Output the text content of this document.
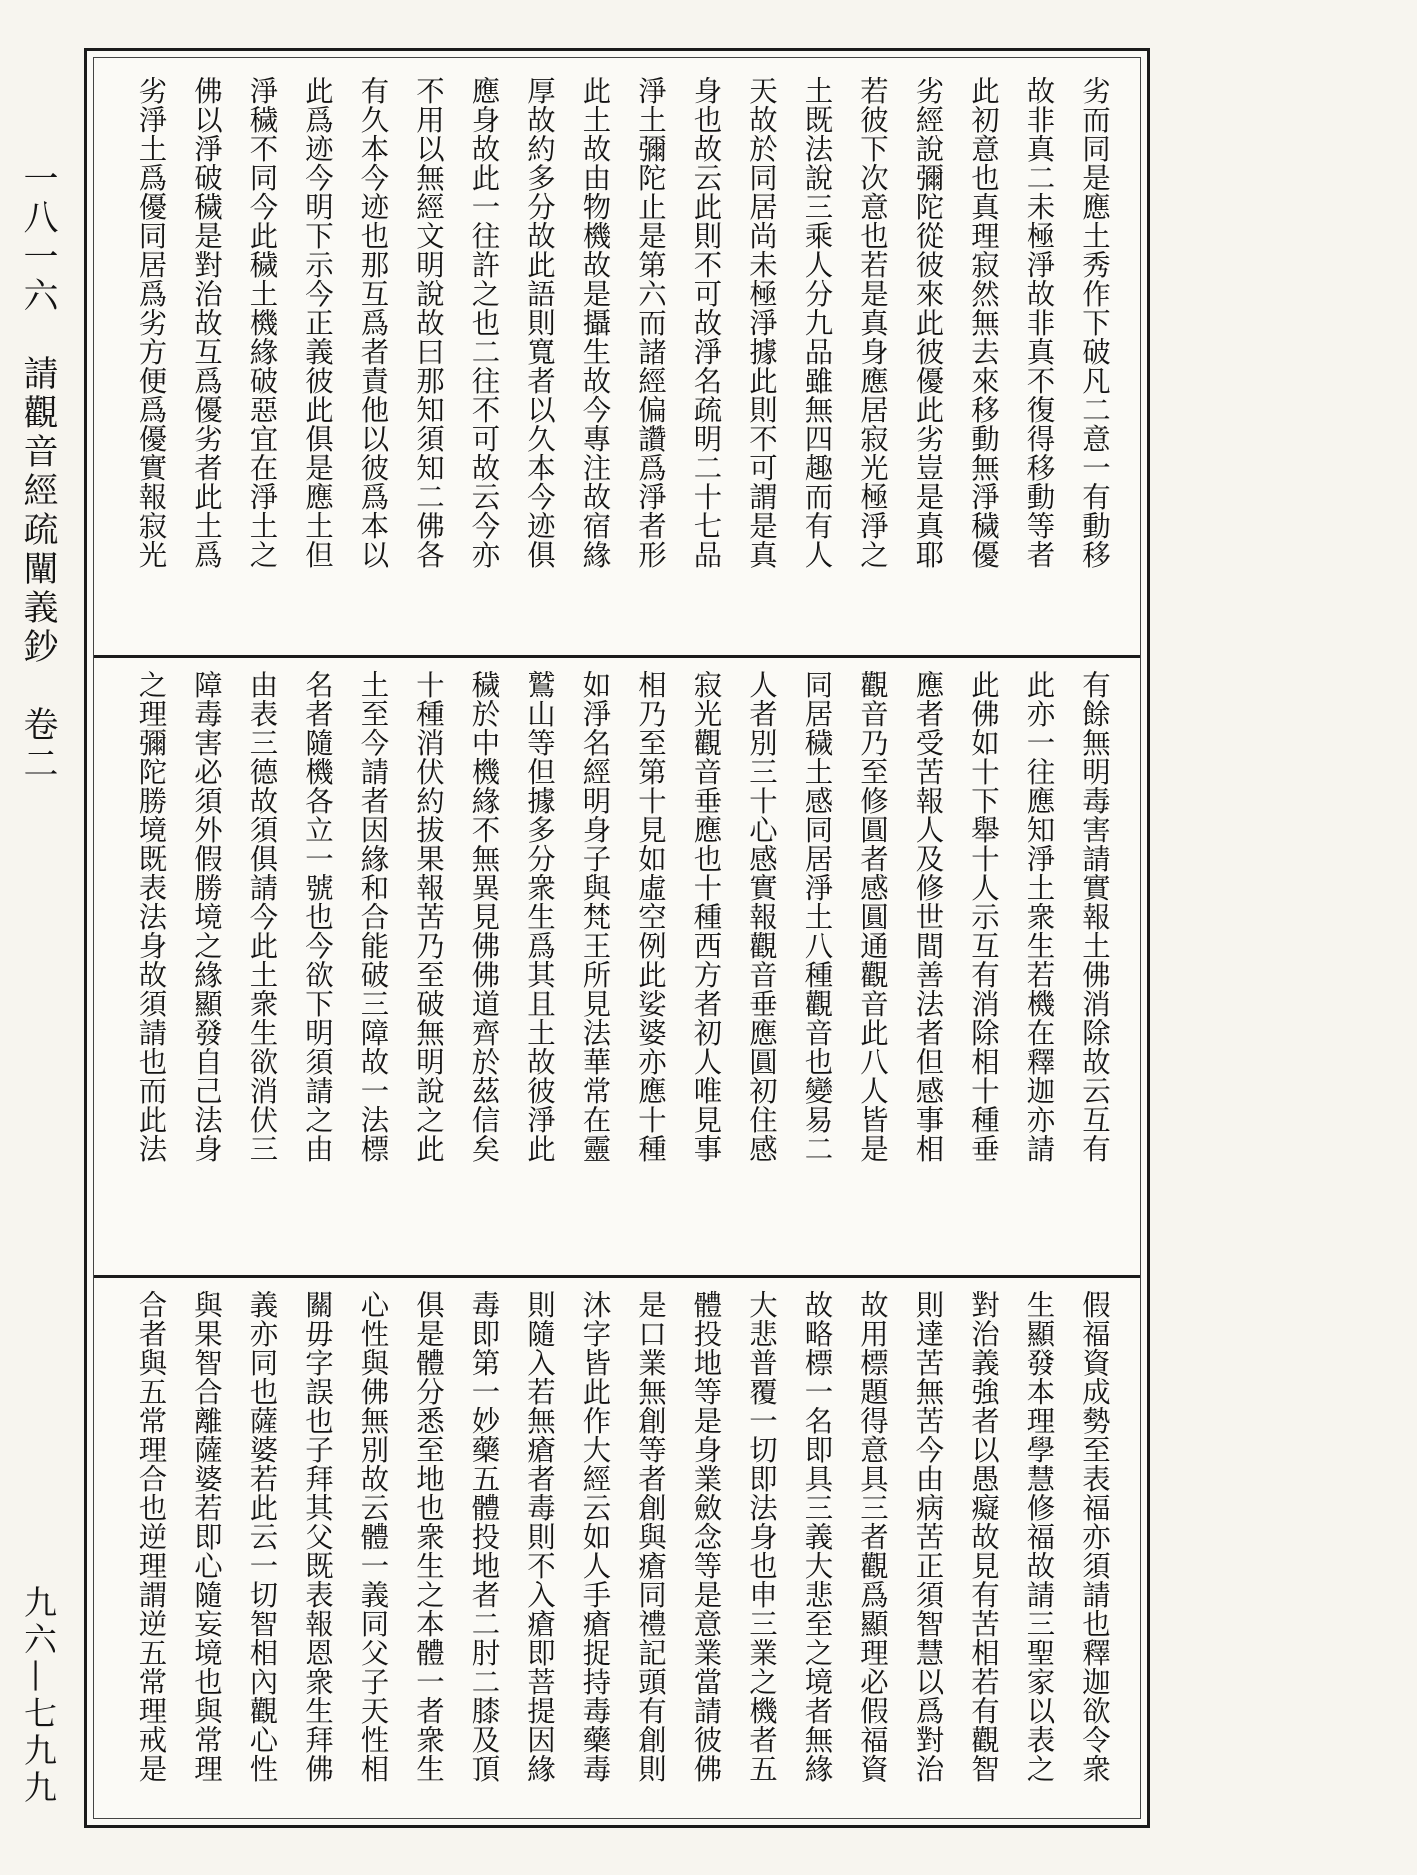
一八一六　請觀音經疏闡義鈔　卷二
九六—七九九
劣而同是應土秀作下破凡二意一有動移
故非真二未極淨故非真不復得移動等者
此初意也真理寂然無去來移動無淨穢優
劣經說彌陀從彼來此彼優此劣豈是真耶
若彼下次意也若是真身應居寂光極淨之
土既法說三乘人分九品雖無四趣而有人
天故於同居尚未極淨據此則不可謂是真
身也故云此則不可故淨名疏明二十七品
淨土彌陀止是第六而諸經偏讚爲淨者形
此土故由物機故是攝生故今專注故宿緣
厚故約多分故此語則寬者以久本今迹俱
應身故此一往許之也二往不可故云今亦
不用以無經文明說故曰那知須知二佛各
有久本今迹也那互爲者責他以彼爲本以
此爲迹今明下示今正義彼此俱是應土但
淨穢不同今此穢土機緣破惡宜在淨土之
佛以淨破穢是對治故互爲優劣者此土爲
劣淨土爲優同居爲劣方便爲優實報寂光

有餘無明毒害請實報土佛消除故云互有
此亦一往應知淨土衆生若機在釋迦亦請
此佛如十下舉十人示互有消除相十種垂
應者受苦報人及修世間善法者但感事相
觀音乃至修圓者感圓通觀音此八人皆是
同居穢土感同居淨土八種觀音也變易二
人者別三十心感實報觀音垂應圓初住感
寂光觀音垂應也十種西方者初人唯見事
相乃至第十見如虛空例此娑婆亦應十種
如淨名經明身子與梵王所見法華常在靈
鷲山等但據多分衆生爲其且土故彼淨此
穢於中機緣不無異見佛佛道齊於茲信矣
十種消伏約拔果報苦乃至破無明說之此
土至今請者因緣和合能破三障故一法標
名者隨機各立一號也今欲下明須請之由
由表三德故須俱請今此土衆生欲消伏三
障毒害必須外假勝境之緣顯發自己法身
之理彌陀勝境既表法身故須請也而此法

假福資成勢至表福亦須請也釋迦欲令衆
生顯發本理學慧修福故請三聖家以表之
對治義強者以愚癡故見有苦相若有觀智
則達苦無苦今由病苦正須智慧以爲對治
故用標題得意具三者觀爲顯理必假福資
故略標一名即具三義大悲至之境者無緣
大悲普覆一切即法身也申三業之機者五
體投地等是身業斂念等是意業當請彼佛
是口業無創等者創與瘡同禮記頭有創則
沐字皆此作大經云如人手瘡捉持毒藥毒
則隨入若無瘡者毒則不入瘡即菩提因緣
毒即第一妙藥五體投地者二肘二膝及頂
俱是體分悉至地也衆生之本體一者衆生
心性與佛無別故云體一義同父子天性相
關毋字誤也子拜其父既表報恩衆生拜佛
義亦同也薩婆若此云一切智相內觀心性
與果智合離薩婆若即心隨妄境也與常理
合者與五常理合也逆理謂逆五常理戒是
